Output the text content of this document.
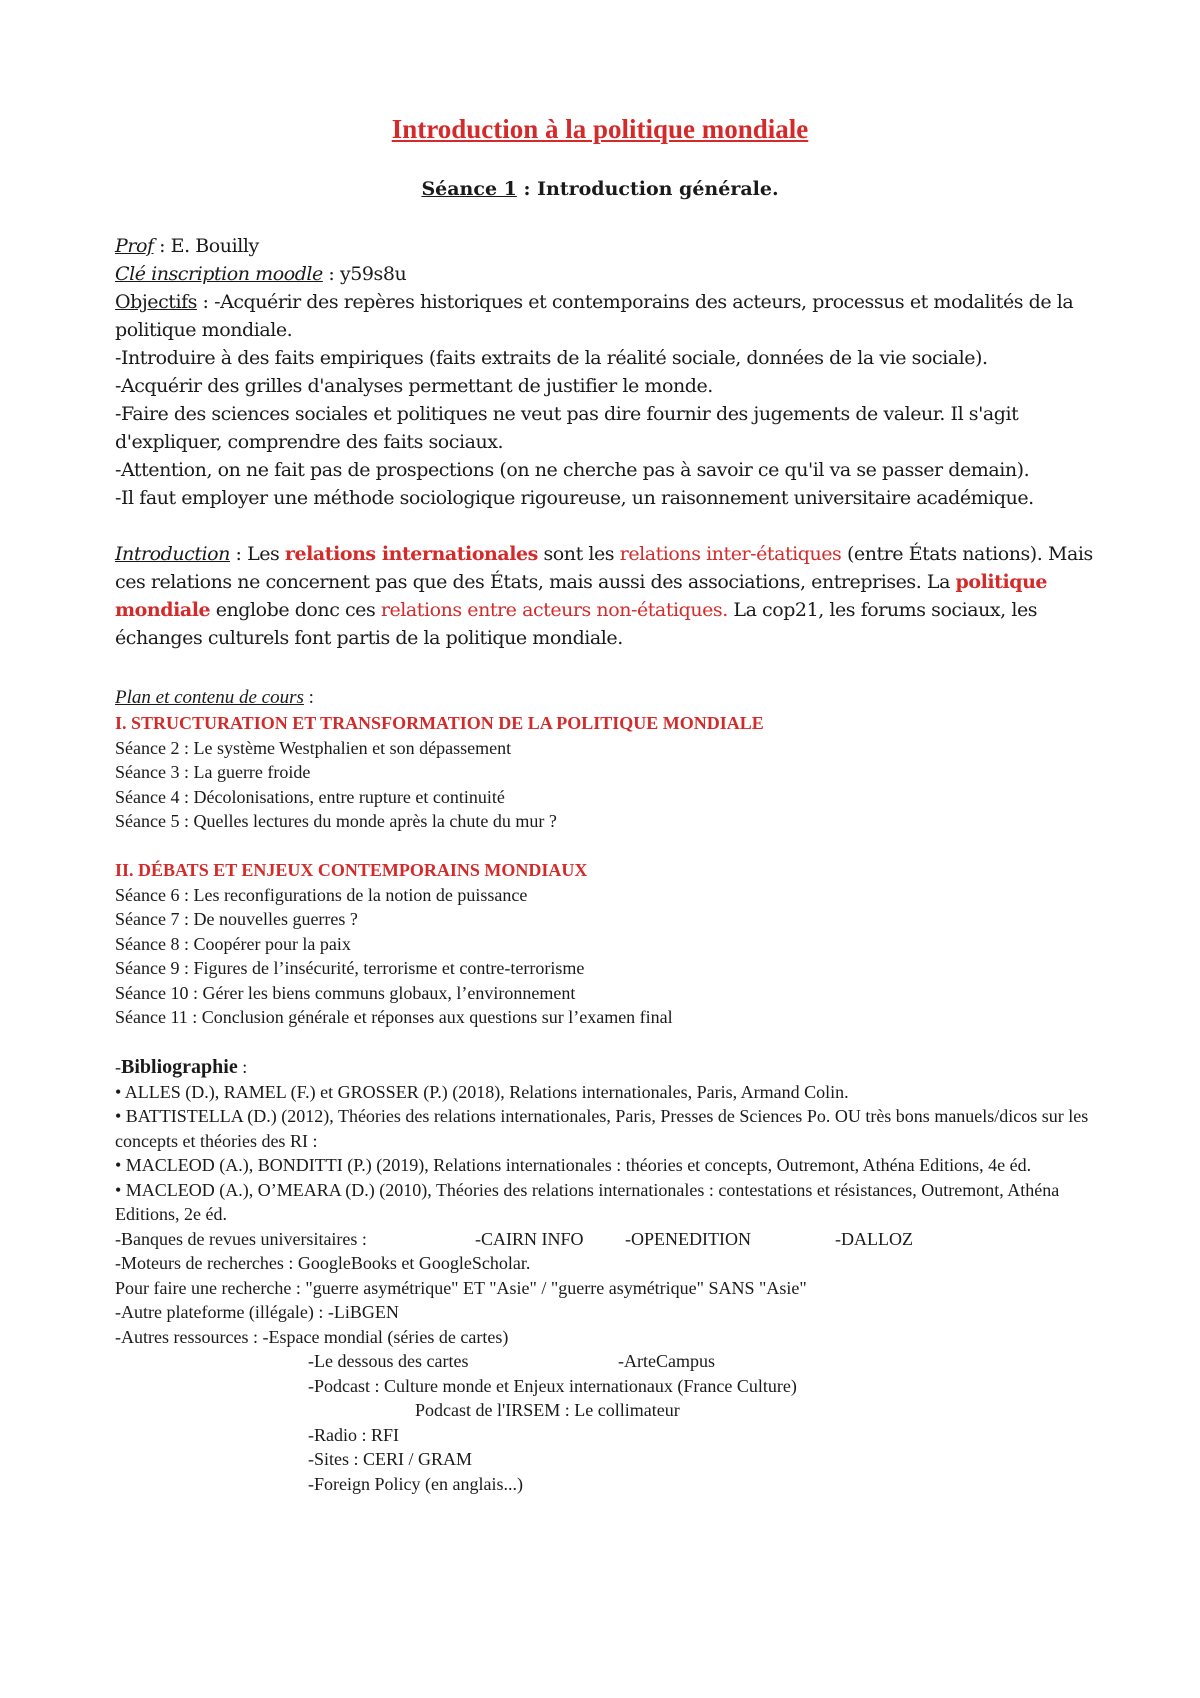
Introduction à la politique mondiale
Séance 1 : Introduction générale.
Prof : E. Bouilly
Clé inscription moodle : y59s8u
Objectifs : -Acquérir des repères historiques et contemporains des acteurs, processus et modalités de la politique mondiale.
-Introduire à des faits empiriques (faits extraits de la réalité sociale, données de la vie sociale).
-Acquérir des grilles d'analyses permettant de justifier le monde.
-Faire des sciences sociales et politiques ne veut pas dire fournir des jugements de valeur. Il s'agit d'expliquer, comprendre des faits sociaux.
-Attention, on ne fait pas de prospections (on ne cherche pas à savoir ce qu'il va se passer demain).
-Il faut employer une méthode sociologique rigoureuse, un raisonnement universitaire académique.
Introduction : Les relations internationales sont les relations inter-étatiques (entre États nations). Mais ces relations ne concernent pas que des États, mais aussi des associations, entreprises. La politique mondiale englobe donc ces relations entre acteurs non-étatiques. La cop21, les forums sociaux, les échanges culturels font partis de la politique mondiale.
Plan et contenu de cours :
I. STRUCTURATION ET TRANSFORMATION DE LA POLITIQUE MONDIALE
Séance 2 : Le système Westphalien et son dépassement
Séance 3 : La guerre froide
Séance 4 : Décolonisations, entre rupture et continuité
Séance 5 : Quelles lectures du monde après la chute du mur ?
II. DÉBATS ET ENJEUX CONTEMPORAINS MONDIAUX
Séance 6 : Les reconfigurations de la notion de puissance
Séance 7 : De nouvelles guerres ?
Séance 8 : Coopérer pour la paix
Séance 9 : Figures de l’insécurité, terrorisme et contre-terrorisme
Séance 10 : Gérer les biens communs globaux, l’environnement
Séance 11 : Conclusion générale et réponses aux questions sur l’examen final
-Bibliographie :
• ALLES (D.), RAMEL (F.) et GROSSER (P.) (2018), Relations internationales, Paris, Armand Colin.
• BATTISTELLA (D.) (2012), Théories des relations internationales, Paris, Presses de Sciences Po. OU très bons manuels/dicos sur les concepts et théories des RI :
• MACLEOD (A.), BONDITTI (P.) (2019), Relations internationales : théories et concepts, Outremont, Athéna Editions, 4e éd.
• MACLEOD (A.), O’MEARA (D.) (2010), Théories des relations internationales : contestations et résistances, Outremont, Athéna Editions, 2e éd.
-Banques de revues universitaires :	-CAIRN INFO -OPENEDITION	-DALLOZ
-Moteurs de recherches : GoogleBooks et GoogleScholar.
Pour faire une recherche : "guerre asymétrique" ET "Asie" / "guerre asymétrique" SANS "Asie"
-Autre plateforme (illégale) : -LiBGEN
-Autres ressources : -Espace mondial (séries de cartes)
-Le dessous des cartes	-ArteCampus
-Podcast : Culture monde et Enjeux internationaux (France Culture)
Podcast de l'IRSEM : Le collimateur
-Radio : RFI
-Sites : CERI / GRAM
-Foreign Policy (en anglais...)
